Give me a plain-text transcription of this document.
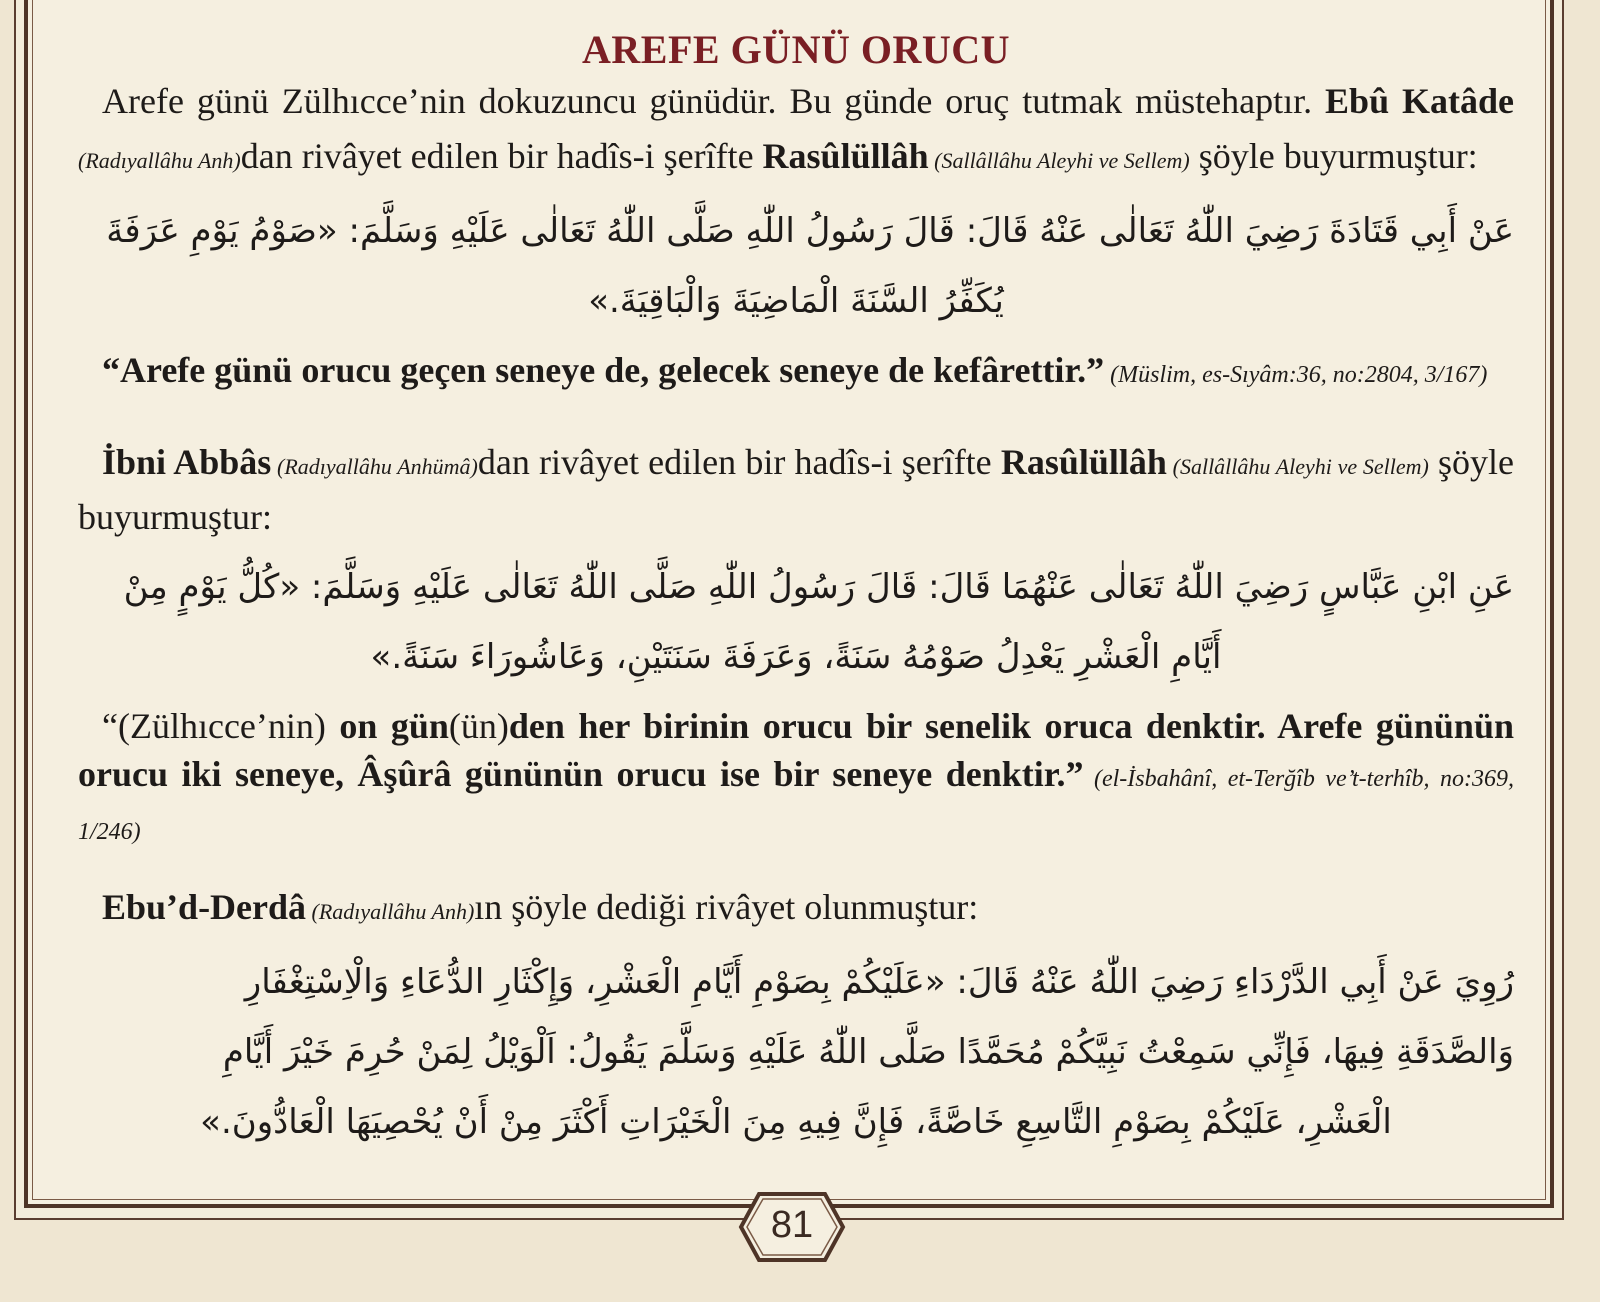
AREFE GÜNÜ ORUCU

Arefe günü Zülhıcce’nin dokuzuncu günüdür. Bu günde oruç tutmak müstehaptır. Ebû Katâde (Radıyallâhu Anh)dan rivâyet edilen bir hadîs-i şerîfte Rasûlüllâh (Sallâllâhu Aleyhi ve Sellem) şöyle buyurmuştur:

عَنْ أَبِي قَتَادَةَ رَضِيَ اللّٰهُ تَعَالٰى عَنْهُ قَالَ: قَالَ رَسُولُ اللّٰهِ صَلَّى اللّٰهُ تَعَالٰى عَلَيْهِ وَسَلَّمَ: «صَوْمُ يَوْمِ عَرَفَةَ

يُكَفِّرُ السَّنَةَ الْمَاضِيَةَ وَالْبَاقِيَةَ.»

“Arefe günü orucu geçen seneye de, gelecek seneye de kefârettir.” (Müslim, es-Sıyâm:36, no:2804, 3/167)

İbni Abbâs (Radıyallâhu Anhümâ)dan rivâyet edilen bir hadîs-i şerîfte Rasûlüllâh (Sallâllâhu Aleyhi ve Sellem) şöyle buyurmuştur:

عَنِ ابْنِ عَبَّاسٍ رَضِيَ اللّٰهُ تَعَالٰى عَنْهُمَا قَالَ: قَالَ رَسُولُ اللّٰهِ صَلَّى اللّٰهُ تَعَالٰى عَلَيْهِ وَسَلَّمَ: «كُلُّ يَوْمٍ مِنْ

أَيَّامِ الْعَشْرِ يَعْدِلُ صَوْمُهُ سَنَةً، وَعَرَفَةَ سَنَتَيْنِ، وَعَاشُورَاءَ سَنَةً.»

“(Zülhıcce’nin) on gün(ün)den her birinin orucu bir senelik oruca denktir. Arefe gününün orucu iki seneye, Âşûrâ gününün orucu ise bir seneye denktir.” (el-İsbahânî, et-Terğîb ve’t-terhîb, no:369, 1/246)

Ebu’d-Derdâ (Radıyallâhu Anh)ın şöyle dediği rivâyet olunmuştur:

رُوِيَ عَنْ أَبِي الدَّرْدَاءِ رَضِيَ اللّٰهُ عَنْهُ قَالَ: «عَلَيْكُمْ بِصَوْمِ أَيَّامِ الْعَشْرِ، وَإِكْثَارِ الدُّعَاءِ وَالْاِسْتِغْفَارِ

وَالصَّدَقَةِ فِيهَا، فَإِنِّي سَمِعْتُ نَبِيَّكُمْ مُحَمَّدًا صَلَّى اللّٰهُ عَلَيْهِ وَسَلَّمَ يَقُولُ: اَلْوَيْلُ لِمَنْ حُرِمَ خَيْرَ أَيَّامِ

الْعَشْرِ، عَلَيْكُمْ بِصَوْمِ التَّاسِعِ خَاصَّةً، فَإِنَّ فِيهِ مِنَ الْخَيْرَاتِ أَكْثَرَ مِنْ أَنْ يُحْصِيَهَا الْعَادُّونَ.»

81
